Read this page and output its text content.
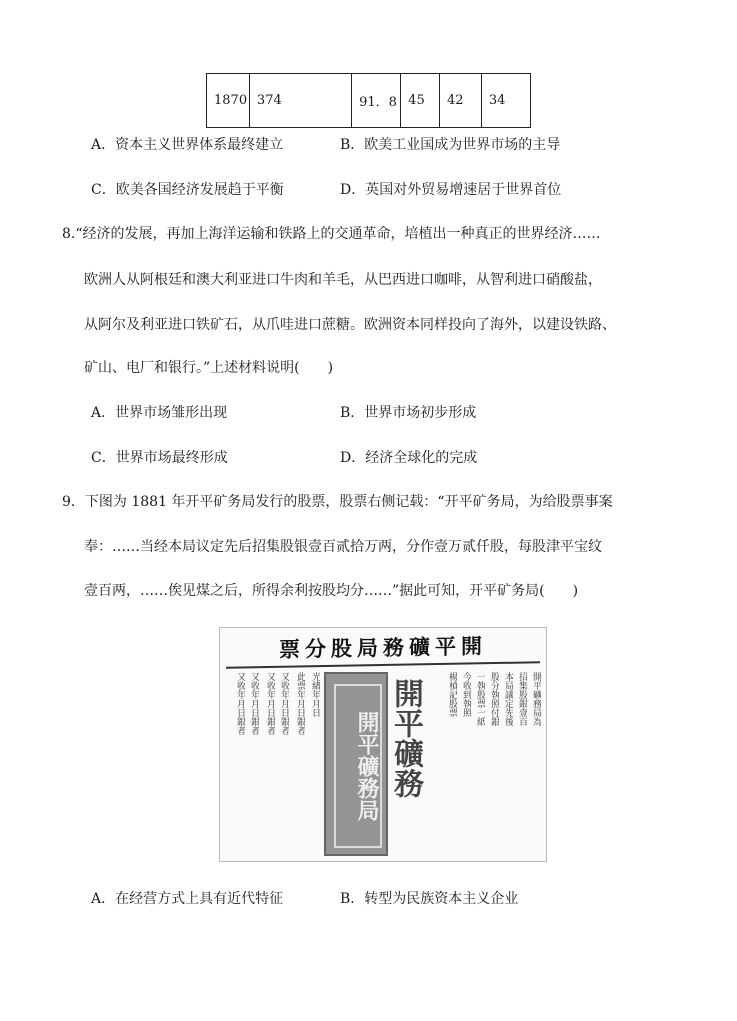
1870	374	91．8	45	42	34
A．资本主义世界体系最终建立	B．欧美工业国成为世界市场的主导
C．欧美各国经济发展趋于平衡	D．英国对外贸易增速居于世界首位
8.“经济的发展，再加上海洋运输和铁路上的交通革命，培植出一种真正的世界经济……
欧洲人从阿根廷和澳大利亚进口牛肉和羊毛，从巴西进口咖啡，从智利进口硝酸盐，
从阿尔及利亚进口铁矿石，从爪哇进口蔗糖。欧洲资本同样投向了海外，以建设铁路、
矿山、电厂和银行。”上述材料说明(　　)
A．世界市场雏形出现	B．世界市场初步形成
C．世界市场最终形成	D．经济全球化的完成
9．下图为 1881 年开平矿务局发行的股票，股票右侧记载：“开平矿务局，为给股票事案
奉：……当经本局议定先后招集股银壹百贰拾万两，分作壹万贰仟股，每股津平宝纹
壹百两，……俟见煤之后，所得余利按股均分……”据此可知，开平矿务局(　　)
票分股局務礦平開
又收年月日銀者 又收年月日銀者 又收年月日銀者 又收年月日銀者 此票年月日銀者 光緒年月日
開平礦務局 開平礦務	楊楨記股票 今收到執照 一執股票一紙 股分執照付銀 本局議定先後 招集股銀壹百 開平礦務局為
A．在经营方式上具有近代特征	B．转型为民族资本主义企业
